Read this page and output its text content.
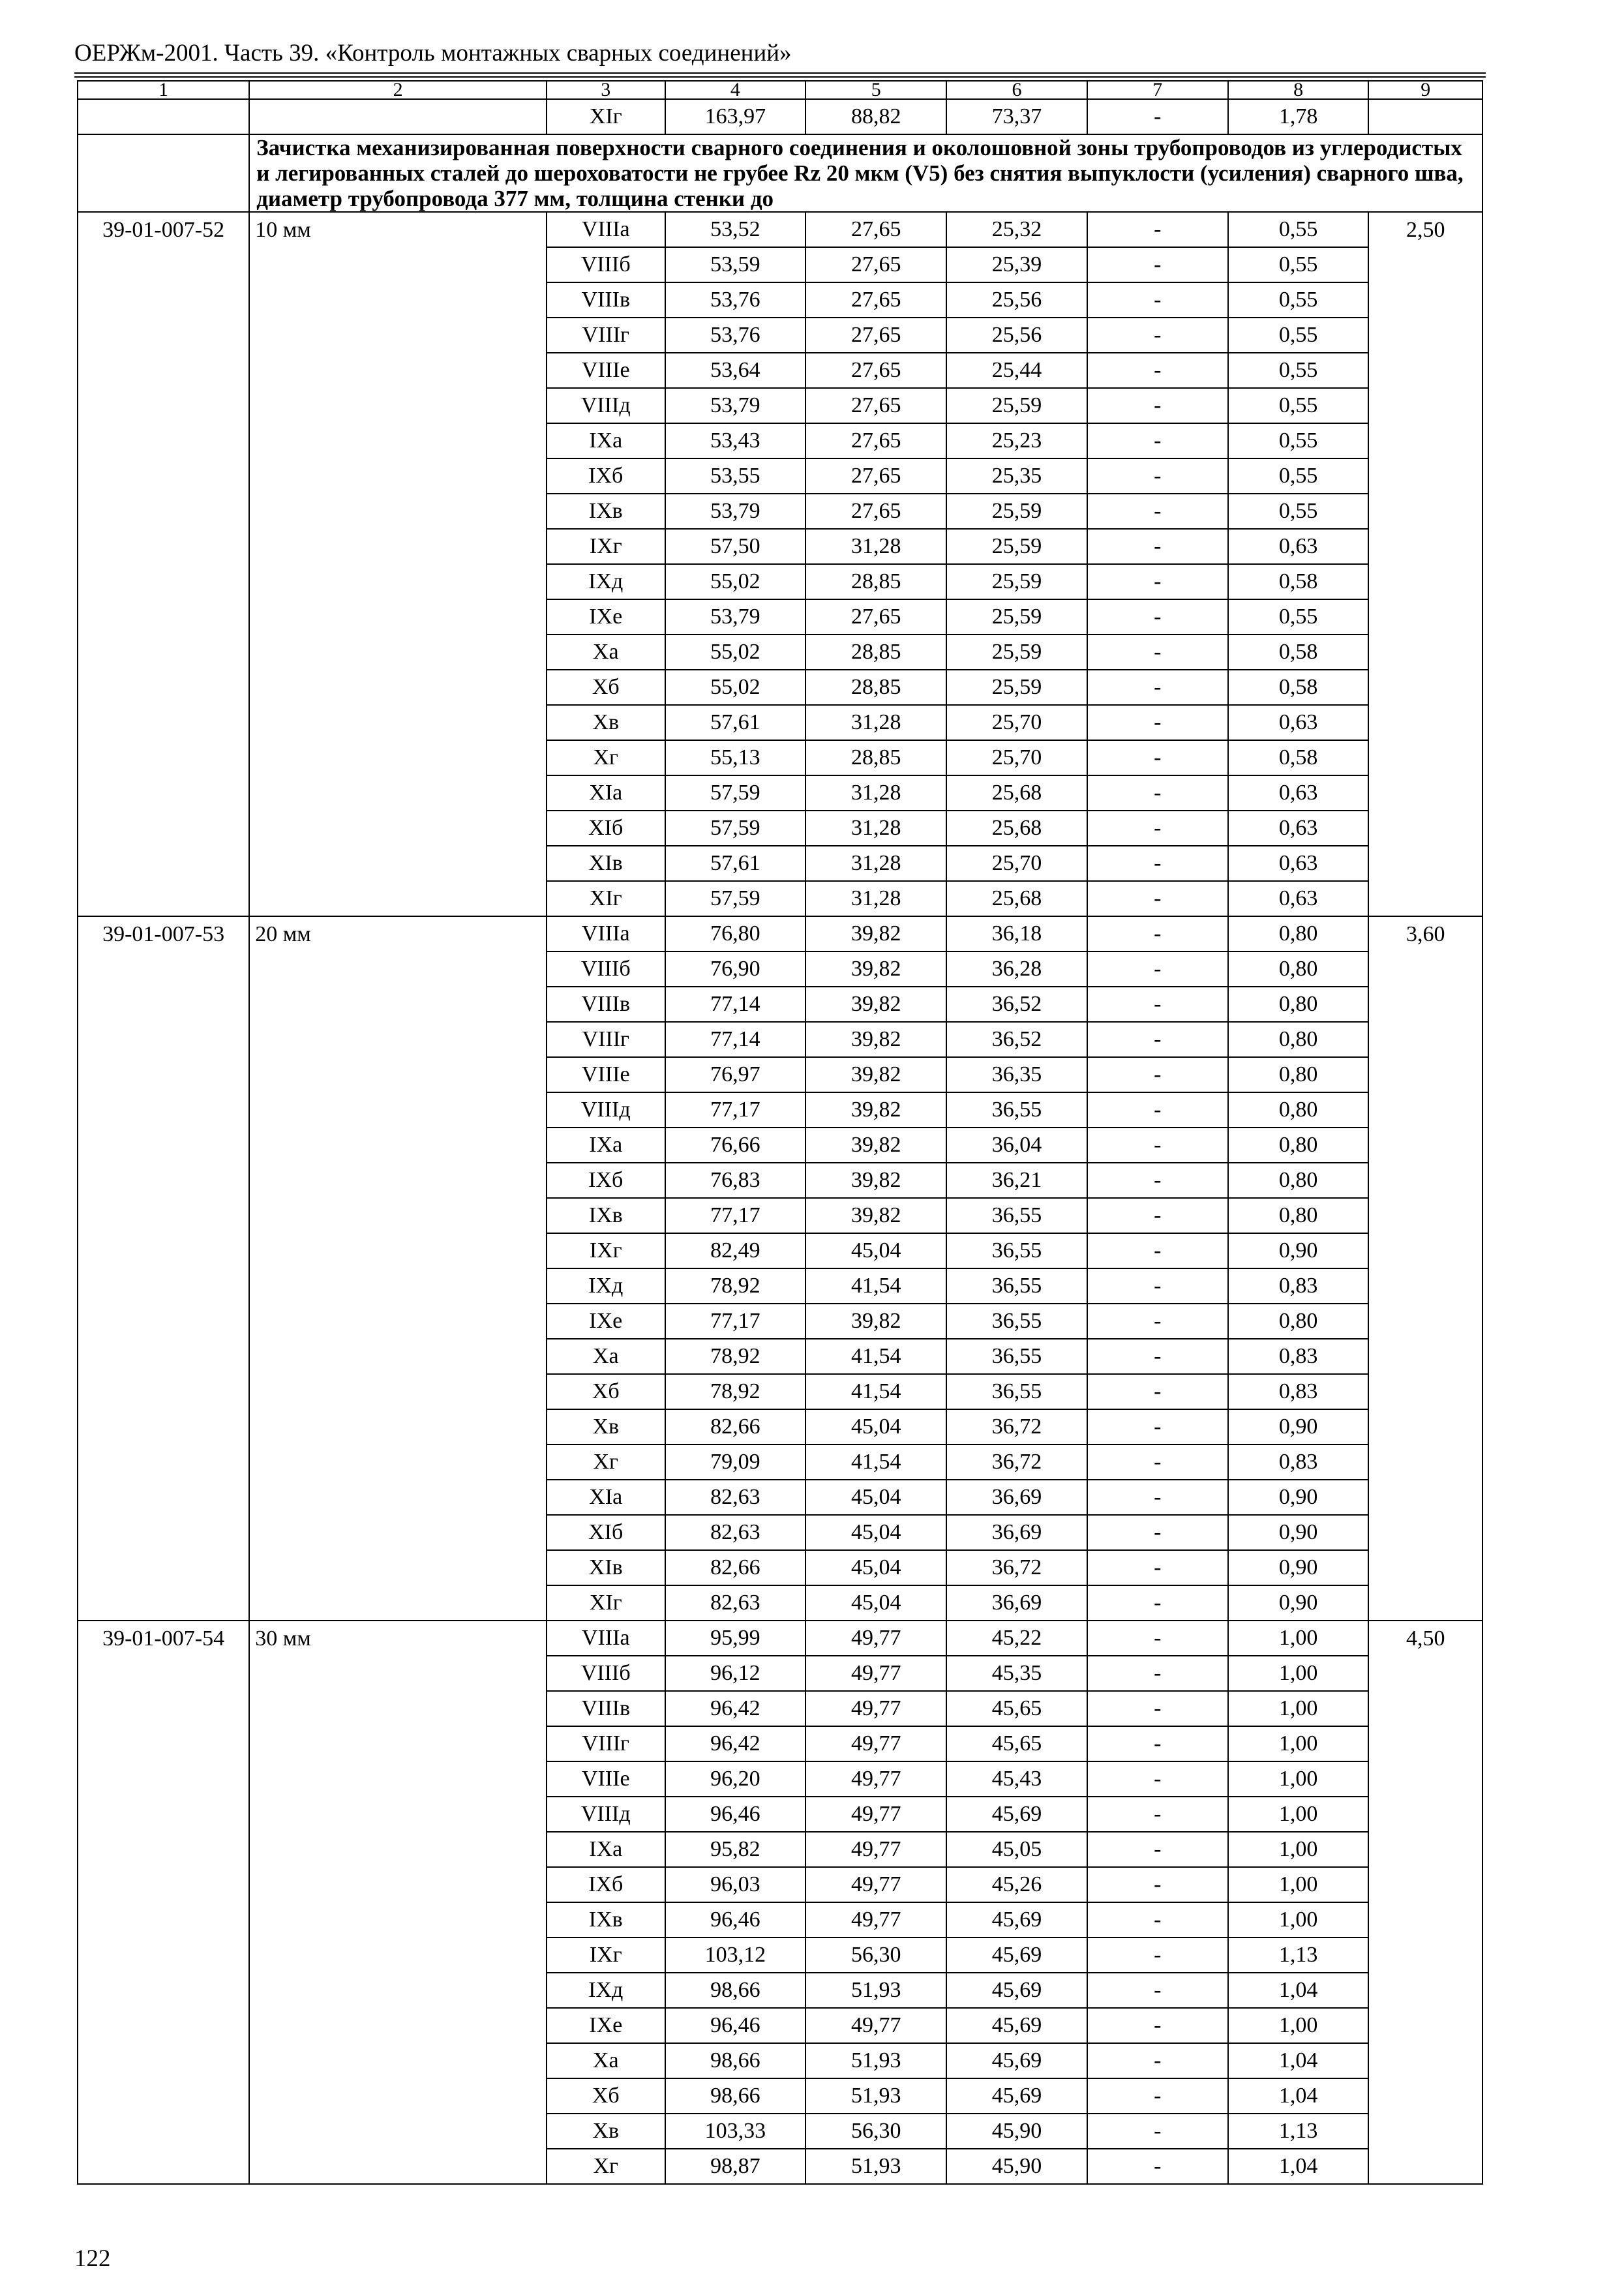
ОЕРЖм-2001. Часть 39. «Контроль монтажных сварных соединений»
1	2	3	4	5	6	7	8	9
		XIг	163,97	88,82	73,37	-	1,78	
	Зачистка механизированная поверхности сварного соединения и околошовной зоны трубопроводов из углеродистых и легированных сталей до шероховатости не грубее Rz 20 мкм (V5) без снятия выпуклости (усиления) сварного шва, диаметр трубопровода 377 мм, толщина стенки до							
39-01-007-52	10 мм	VIIIа	53,52	27,65	25,32	-	0,55	2,50
		VIIIб	53,59	27,65	25,39	-	0,55	
		VIIIв	53,76	27,65	25,56	-	0,55	
		VIIIг	53,76	27,65	25,56	-	0,55	
		VIIIе	53,64	27,65	25,44	-	0,55	
		VIIIд	53,79	27,65	25,59	-	0,55	
		IXа	53,43	27,65	25,23	-	0,55	
		IXб	53,55	27,65	25,35	-	0,55	
		IXв	53,79	27,65	25,59	-	0,55	
		IXг	57,50	31,28	25,59	-	0,63	
		IXд	55,02	28,85	25,59	-	0,58	
		IXе	53,79	27,65	25,59	-	0,55	
		Xа	55,02	28,85	25,59	-	0,58	
		Xб	55,02	28,85	25,59	-	0,58	
		Xв	57,61	31,28	25,70	-	0,63	
		Xг	55,13	28,85	25,70	-	0,58	
		XIа	57,59	31,28	25,68	-	0,63	
		XIб	57,59	31,28	25,68	-	0,63	
		XIв	57,61	31,28	25,70	-	0,63	
		XIг	57,59	31,28	25,68	-	0,63	
39-01-007-53	20 мм	VIIIа	76,80	39,82	36,18	-	0,80	3,60
		VIIIб	76,90	39,82	36,28	-	0,80	
		VIIIв	77,14	39,82	36,52	-	0,80	
		VIIIг	77,14	39,82	36,52	-	0,80	
		VIIIе	76,97	39,82	36,35	-	0,80	
		VIIIд	77,17	39,82	36,55	-	0,80	
		IXа	76,66	39,82	36,04	-	0,80	
		IXб	76,83	39,82	36,21	-	0,80	
		IXв	77,17	39,82	36,55	-	0,80	
		IXг	82,49	45,04	36,55	-	0,90	
		IXд	78,92	41,54	36,55	-	0,83	
		IXе	77,17	39,82	36,55	-	0,80	
		Xа	78,92	41,54	36,55	-	0,83	
		Xб	78,92	41,54	36,55	-	0,83	
		Xв	82,66	45,04	36,72	-	0,90	
		Xг	79,09	41,54	36,72	-	0,83	
		XIа	82,63	45,04	36,69	-	0,90	
		XIб	82,63	45,04	36,69	-	0,90	
		XIв	82,66	45,04	36,72	-	0,90	
		XIг	82,63	45,04	36,69	-	0,90	
39-01-007-54	30 мм	VIIIа	95,99	49,77	45,22	-	1,00	4,50
		VIIIб	96,12	49,77	45,35	-	1,00	
		VIIIв	96,42	49,77	45,65	-	1,00	
		VIIIг	96,42	49,77	45,65	-	1,00	
		VIIIе	96,20	49,77	45,43	-	1,00	
		VIIIд	96,46	49,77	45,69	-	1,00	
		IXа	95,82	49,77	45,05	-	1,00	
		IXб	96,03	49,77	45,26	-	1,00	
		IXв	96,46	49,77	45,69	-	1,00	
		IXг	103,12	56,30	45,69	-	1,13	
		IXд	98,66	51,93	45,69	-	1,04	
		IXе	96,46	49,77	45,69	-	1,00	
		Xа	98,66	51,93	45,69	-	1,04	
		Xб	98,66	51,93	45,69	-	1,04	
		Xв	103,33	56,30	45,90	-	1,13	
		Xг	98,87	51,93	45,90	-	1,04	
122
